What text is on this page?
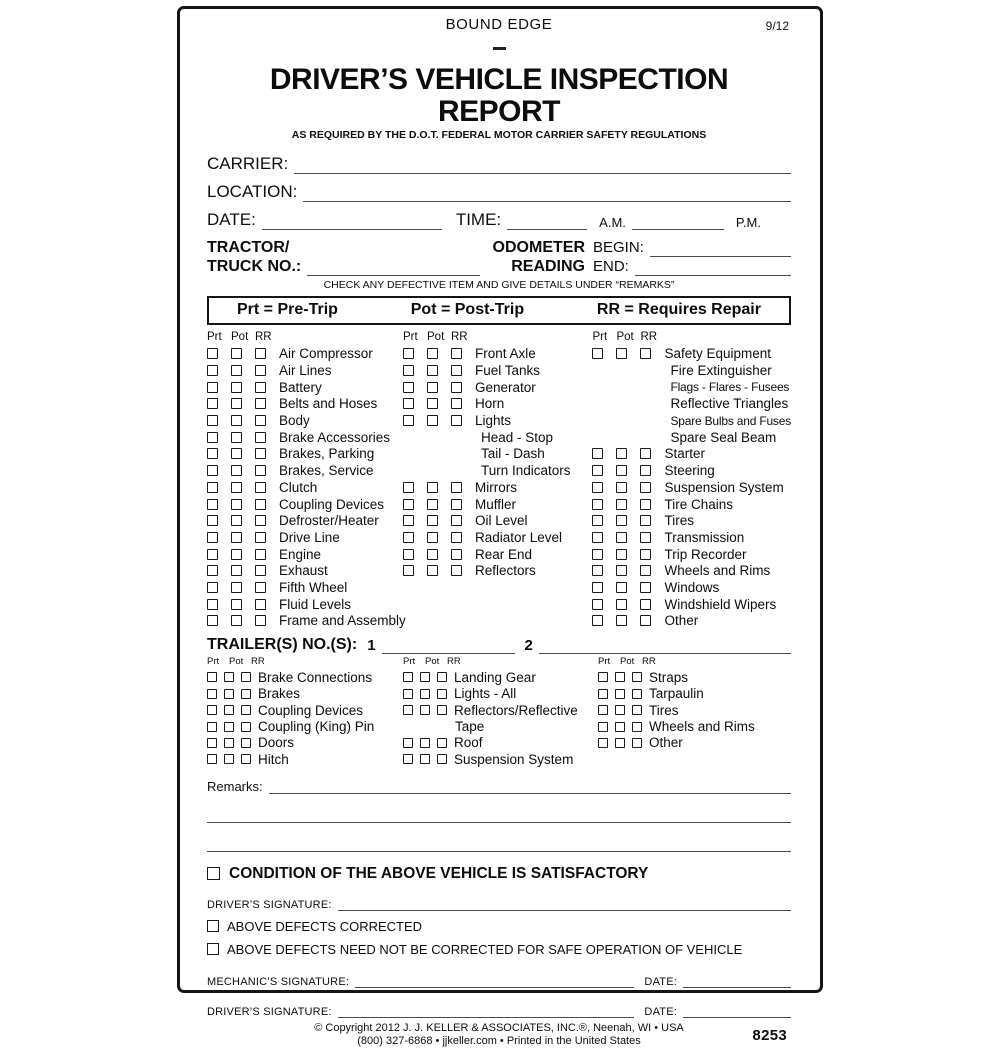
BOUND EDGE	9/12
DRIVER’S VEHICLE INSPECTION REPORT
AS REQUIRED BY THE D.O.T. FEDERAL MOTOR CARRIER SAFETY REGULATIONS
CARRIER:
LOCATION:
DATE:	TIME:	A.M.	P.M.
TRACTOR/
TRUCK NO.:
ODOMETER
READING
BEGIN:
END:
CHECK ANY DEFECTIVE ITEM AND GIVE DETAILS UNDER “REMARKS”
Prt = Pre-Trip	Pot = Post-Trip	RR = Requires Repair
Prt Pot RR
Air Compressor
Air Lines
Battery
Belts and Hoses
Body
Brake Accessories
Brakes, Parking
Brakes, Service
Clutch
Coupling Devices
Defroster/Heater
Drive Line
Engine
Exhaust
Fifth Wheel
Fluid Levels
Frame and Assembly
Prt Pot RR
Front Axle
Fuel Tanks
Generator
Horn
Lights
Head - Stop
Tail - Dash
Turn Indicators
Mirrors
Muffler
Oil Level
Radiator Level
Rear End
Reflectors
Prt Pot RR
Safety Equipment
Fire Extinguisher
Flags - Flares - Fusees
Reflective Triangles
Spare Bulbs and Fuses
Spare Seal Beam
Starter
Steering
Suspension System
Tire Chains
Tires
Transmission
Trip Recorder
Wheels and Rims
Windows
Windshield Wipers
Other
TRAILER(S) NO.(S): 1	2
Prt	Pot RR
Brake Connections
Brakes
Coupling Devices
Coupling (King) Pin
Doors
Hitch
Prt	Pot RR
Landing Gear
Lights - All
Reflectors/Reflective
Tape
Roof
Suspension System
Prt	Pot RR
Straps
Tarpaulin
Tires
Wheels and Rims
Other
Remarks:
CONDITION OF THE ABOVE VEHICLE IS SATISFACTORY
DRIVER’S SIGNATURE:
ABOVE DEFECTS CORRECTED
ABOVE DEFECTS NEED NOT BE CORRECTED FOR SAFE OPERATION OF VEHICLE
MECHANIC’S SIGNATURE:	DATE:
DRIVER’S SIGNATURE:	DATE:
© Copyright 2012 J. J. KELLER & ASSOCIATES, INC.®, Neenah, WI • USA
(800) 327-6868 • jjkeller.com • Printed in the United States	8253
